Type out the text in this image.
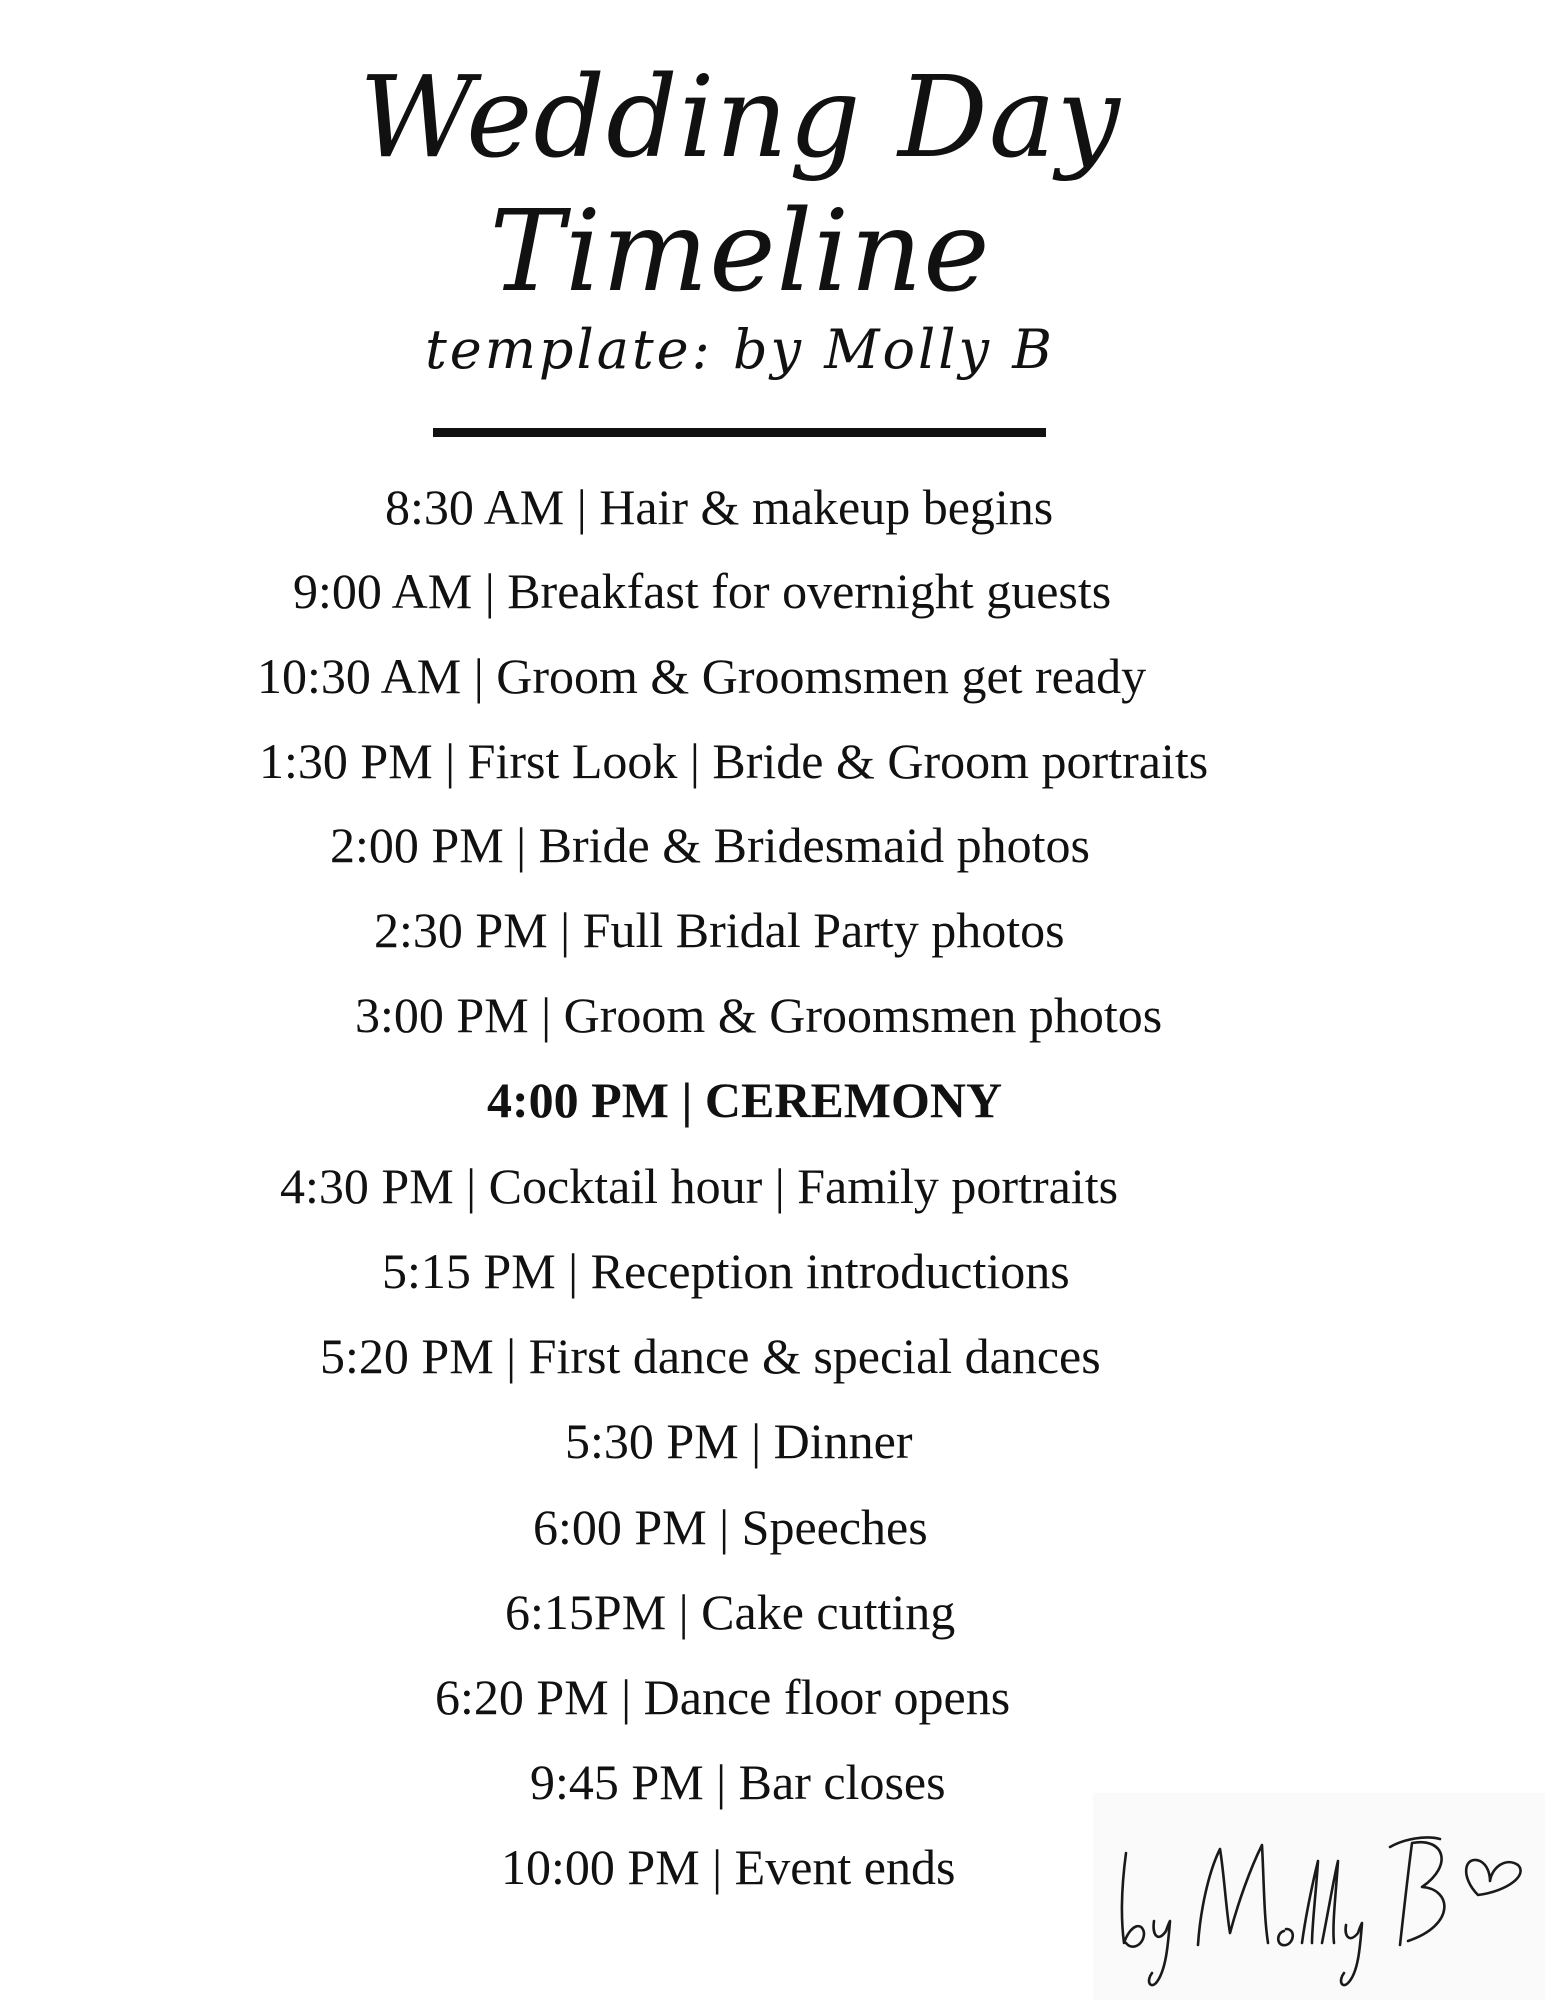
Wedding Day
Timeline
template: by Molly B
8:30 AM | Hair & makeup begins
9:00 AM | Breakfast for overnight guests
10:30 AM | Groom & Groomsmen get ready
1:30 PM | First Look | Bride & Groom portraits
2:00 PM | Bride & Bridesmaid photos
2:30 PM | Full Bridal Party photos
3:00 PM | Groom & Groomsmen photos
4:00 PM | CEREMONY
4:30 PM | Cocktail hour | Family portraits
5:15 PM | Reception introductions
5:20 PM | First dance & special dances
5:30 PM | Dinner
6:00 PM | Speeches
6:15PM | Cake cutting
6:20 PM | Dance floor opens
9:45 PM | Bar closes
10:00 PM | Event ends
